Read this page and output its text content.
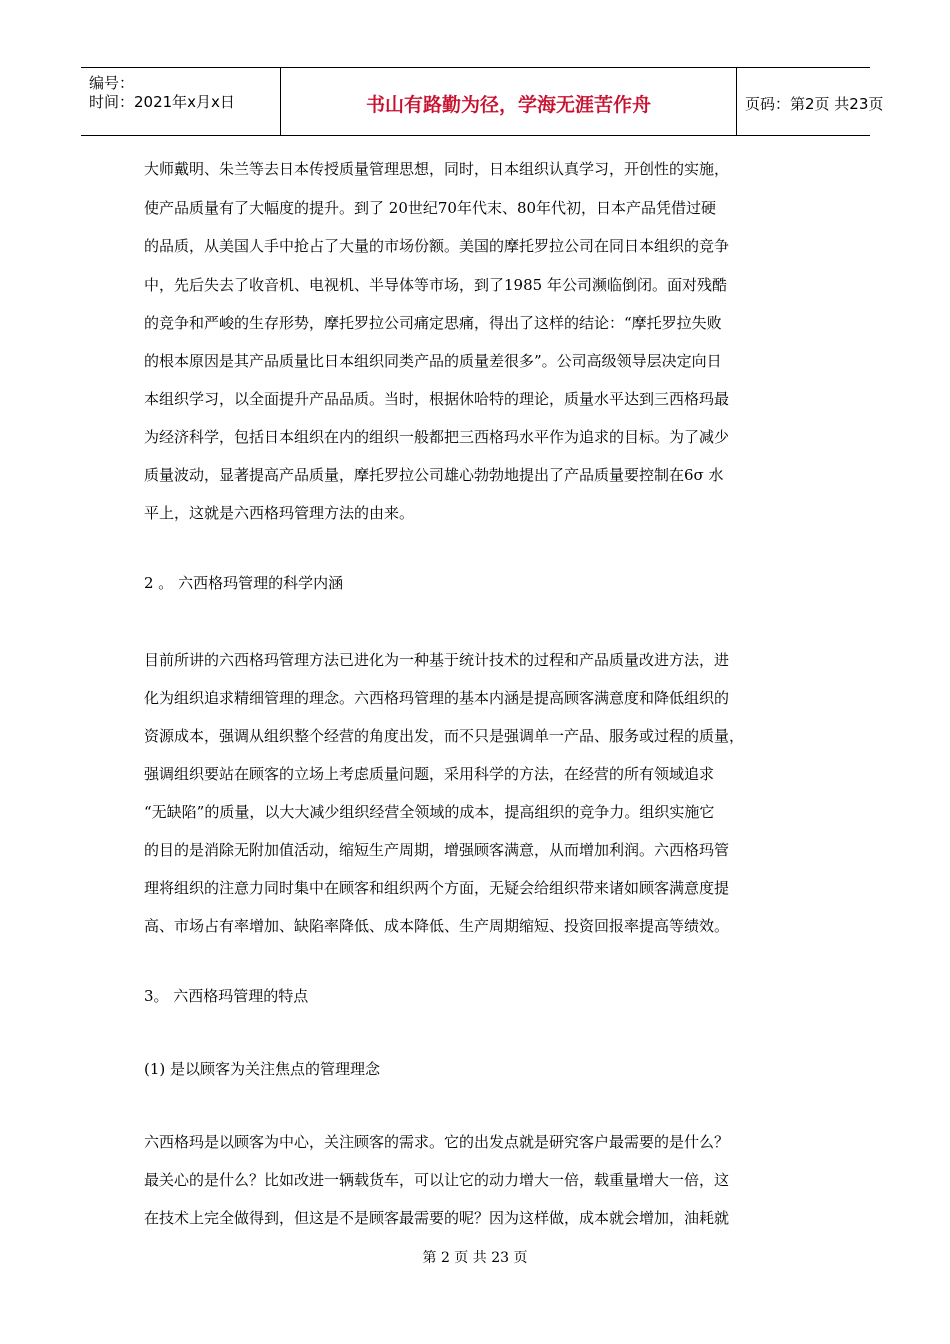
编号：
时间：2021年x月x日	书山有路勤为径，学海无涯苦作舟	页码：第2页 共23页
大师戴明、朱兰等去日本传授质量管理思想，同时，日本组织认真学习，开创性的实施，
使产品质量有了大幅度的提升。到了 20世纪70年代末、80年代初，日本产品凭借过硬
的品质，从美国人手中抢占了大量的市场份额。美国的摩托罗拉公司在同日本组织的竞争
中，先后失去了收音机、电视机、半导体等市场，到了1985 年公司濒临倒闭。面对残酷
的竞争和严峻的生存形势，摩托罗拉公司痛定思痛，得出了这样的结论：“摩托罗拉失败
的根本原因是其产品质量比日本组织同类产品的质量差很多”。公司高级领导层决定向日
本组织学习，以全面提升产品品质。当时，根据休哈特的理论，质量水平达到三西格玛最
为经济科学，包括日本组织在内的组织一般都把三西格玛水平作为追求的目标。为了减少
质量波动，显著提高产品质量，摩托罗拉公司雄心勃勃地提出了产品质量要控制在6σ 水
平上，这就是六西格玛管理方法的由来。
2 。 六西格玛管理的科学内涵
目前所讲的六西格玛管理方法已进化为一种基于统计技术的过程和产品质量改进方法，进
化为组织追求精细管理的理念。六西格玛管理的基本内涵是提高顾客满意度和降低组织的
资源成本，强调从组织整个经营的角度出发，而不只是强调单一产品、服务或过程的质量，
强调组织要站在顾客的立场上考虑质量问题，采用科学的方法，在经营的所有领域追求
“无缺陷”的质量，以大大减少组织经营全领域的成本，提高组织的竞争力。组织实施它
的目的是消除无附加值活动，缩短生产周期，增强顾客满意，从而增加利润。六西格玛管
理将组织的注意力同时集中在顾客和组织两个方面，无疑会给组织带来诸如顾客满意度提
高、市场占有率增加、缺陷率降低、成本降低、生产周期缩短、投资回报率提高等绩效。
3。 六西格玛管理的特点
(1) 是以顾客为关注焦点的管理理念
六西格玛是以顾客为中心，关注顾客的需求。它的出发点就是研究客户最需要的是什么？
最关心的是什么？比如改进一辆载货车，可以让它的动力增大一倍，载重量增大一倍，这
在技术上完全做得到，但这是不是顾客最需要的呢？因为这样做，成本就会增加，油耗就
第 2 页 共 23 页
